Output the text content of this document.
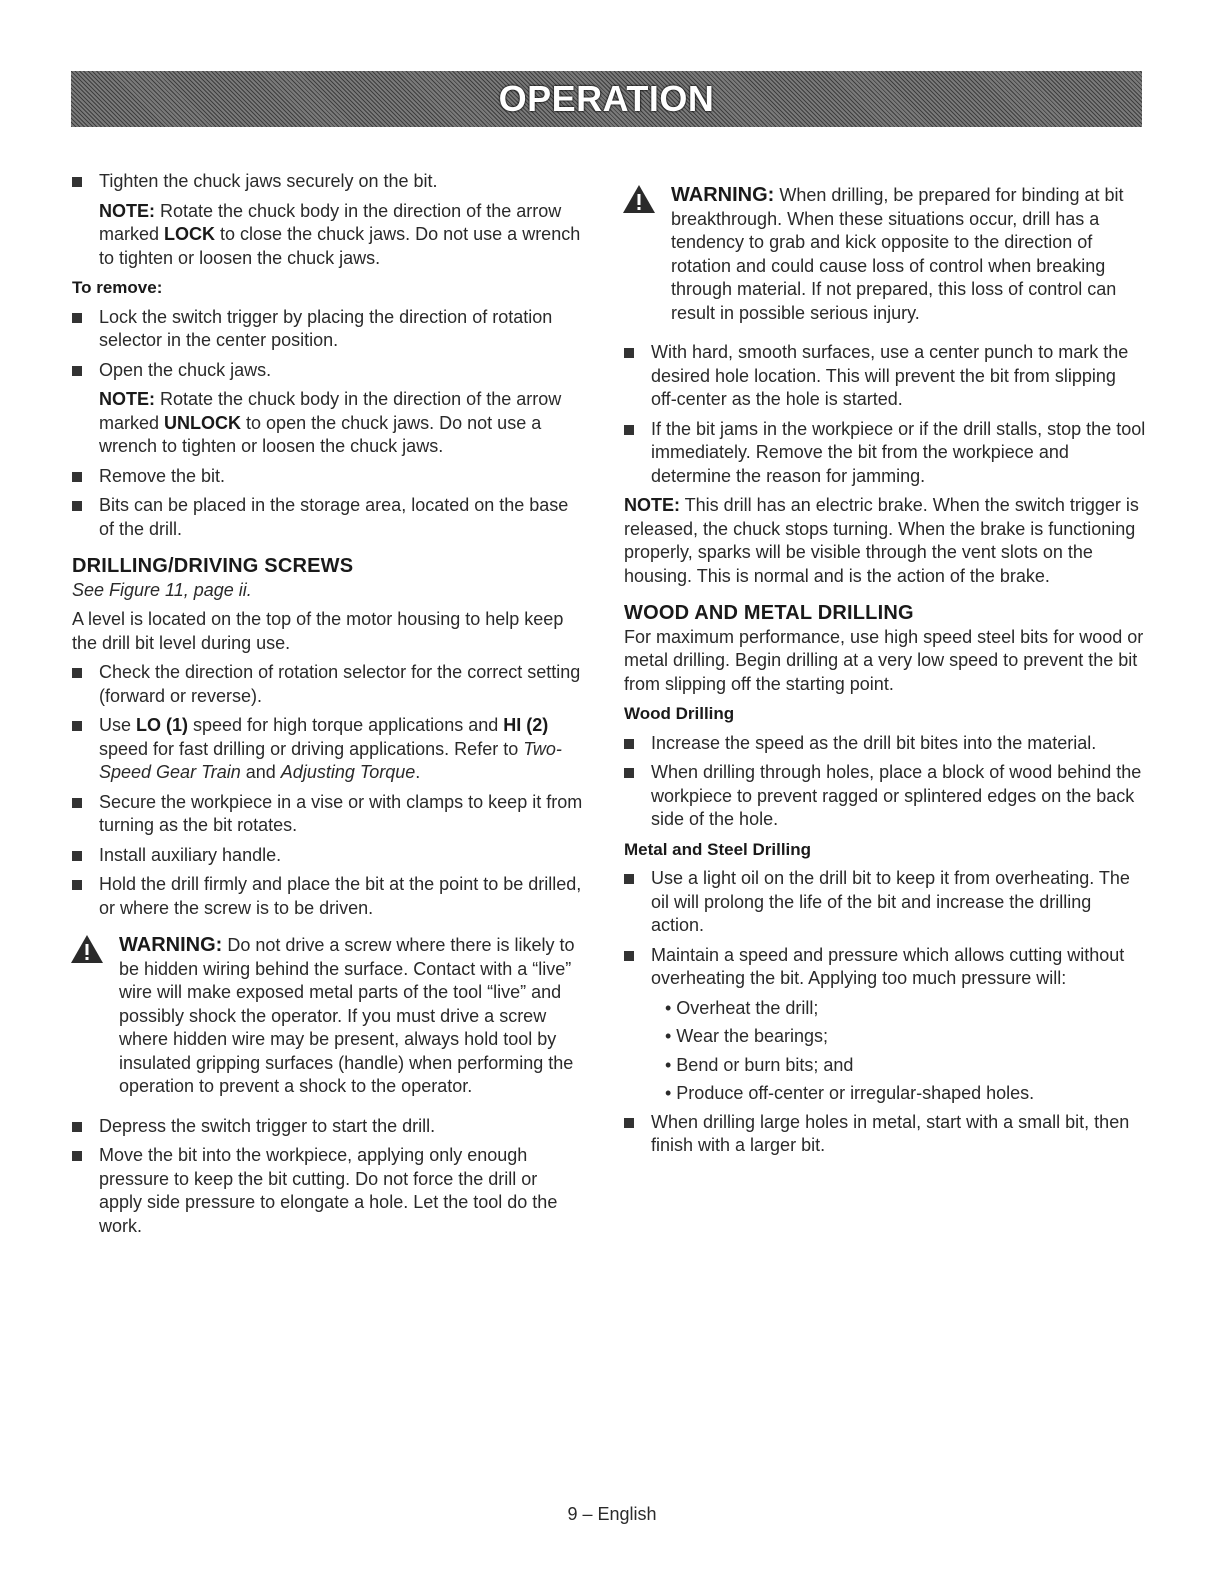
OPERATION
Tighten the chuck jaws securely on the bit.
NOTE: Rotate the chuck body in the direction of the arrow marked LOCK to close the chuck jaws. Do not use a wrench to tighten or loosen the chuck jaws.
To remove:
Lock the switch trigger by placing the direction of rotation selector in the center position.
Open the chuck jaws.
NOTE: Rotate the chuck body in the direction of the arrow marked UNLOCK to open the chuck jaws. Do not use a wrench to tighten or loosen the chuck jaws.
Remove the bit.
Bits can be placed in the storage area, located on the base of the drill.
DRILLING/DRIVING SCREWS
See Figure 11, page ii.
A level is located on the top of the motor housing to help keep the drill bit level during use.
Check the direction of rotation selector for the correct setting (forward or reverse).
Use LO (1) speed for high torque applications and HI (2) speed for fast drilling or driving applications. Refer to Two-Speed Gear Train and Adjusting Torque.
Secure the workpiece in a vise or with clamps to keep it from turning as the bit rotates.
Install auxiliary handle.
Hold the drill firmly and place the bit at the point to be drilled, or where the screw is to be driven.
WARNING: Do not drive a screw where there is likely to be hidden wiring behind the surface. Contact with a “live” wire will make exposed metal parts of the tool “live” and possibly shock the operator. If you must drive a screw where hidden wire may be present, always hold tool by insulated gripping surfaces (handle) when performing the operation to prevent a shock to the operator.
Depress the switch trigger to start the drill.
Move the bit into the workpiece, applying only enough pressure to keep the bit cutting. Do not force the drill or apply side pressure to elongate a hole. Let the tool do the work.
WARNING: When drilling, be prepared for binding at bit breakthrough. When these situations occur, drill has a tendency to grab and kick opposite to the direction of rotation and could cause loss of control when breaking through material. If not prepared, this loss of control can result in possible serious injury.
With hard, smooth surfaces, use a center punch to mark the desired hole location. This will prevent the bit from slipping off-center as the hole is started.
If the bit jams in the workpiece or if the drill stalls, stop the tool immediately. Remove the bit from the workpiece and determine the reason for jamming.
NOTE: This drill has an electric brake. When the switch trigger is released, the chuck stops turning. When the brake is functioning properly, sparks will be visible through the vent slots on the housing. This is normal and is the action of the brake.
WOOD AND METAL DRILLING
For maximum performance, use high speed steel bits for wood or metal drilling. Begin drilling at a very low speed to prevent the bit from slipping off the starting point.
Wood Drilling
Increase the speed as the drill bit bites into the material.
When drilling through holes, place a block of wood behind the workpiece to prevent ragged or splintered edges on the back side of the hole.
Metal and Steel Drilling
Use a light oil on the drill bit to keep it from overheating. The oil will prolong the life of the bit and increase the drilling action.
Maintain a speed and pressure which allows cutting without overheating the bit. Applying too much pressure will:
• Overheat the drill;
• Wear the bearings;
• Bend or burn bits; and
• Produce off-center or irregular-shaped holes.
When drilling large holes in metal, start with a small bit, then finish with a larger bit.
9 – English
